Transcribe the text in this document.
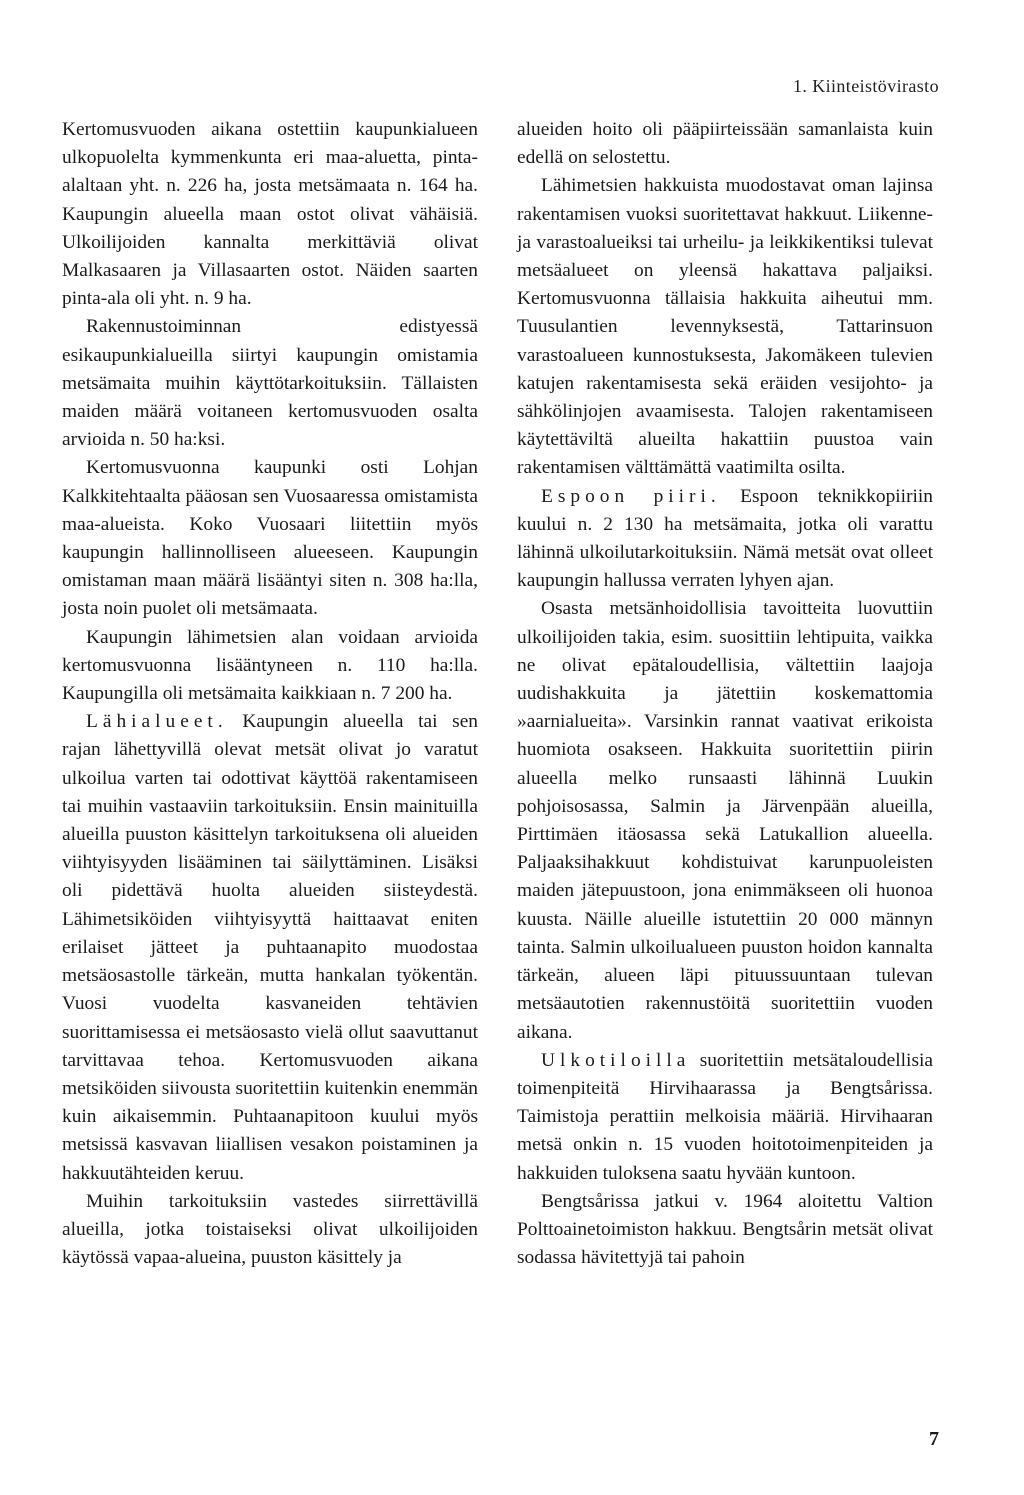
1. Kiinteistövirasto

Kertomusvuoden aikana ostettiin kaupunkialueen ulkopuolelta kymmenkunta eri maa-aluetta, pinta-alaltaan yht. n. 226 ha, josta metsämaata n. 164 ha. Kaupungin alueella maan ostot olivat vähäisiä. Ulkoilijoiden kannalta merkittäviä olivat Malkasaaren ja Villasaarten ostot. Näiden saarten pinta-ala oli yht. n. 9 ha.

Rakennustoiminnan edistyessä esikaupunkialueilla siirtyi kaupungin omistamia metsämaita muihin käyttötarkoituksiin. Tällaisten maiden määrä voitaneen kertomusvuoden osalta arvioida n. 50 ha:ksi.

Kertomusvuonna kaupunki osti Lohjan Kalkkitehtaalta pääosan sen Vuosaaressa omistamista maa-alueista. Koko Vuosaari liitettiin myös kaupungin hallinnolliseen alueeseen. Kaupungin omistaman maan määrä lisääntyi siten n. 308 ha:lla, josta noin puolet oli metsämaata.

Kaupungin lähimetsien alan voidaan arvioida kertomusvuonna lisääntyneen n. 110 ha:lla. Kaupungilla oli metsämaita kaikkiaan n. 7 200 ha.

Lähialueet. Kaupungin alueella tai sen rajan lähettyvillä olevat metsät olivat jo varatut ulkoilua varten tai odottivat käyttöä rakentamiseen tai muihin vastaaviin tarkoituksiin. Ensin mainituilla alueilla puuston käsittelyn tarkoituksena oli alueiden viihtyisyyden lisääminen tai säilyttäminen. Lisäksi oli pidettävä huolta alueiden siisteydestä. Lähimetsiköiden viihtyisyyttä haittaavat eniten erilaiset jätteet ja puhtaanapito muodostaa metsäosastolle tärkeän, mutta hankalan työkentän. Vuosi vuodelta kasvaneiden tehtävien suorittamisessa ei metsäosasto vielä ollut saavuttanut tarvittavaa tehoa. Kertomusvuoden aikana metsiköiden siivousta suoritettiin kuitenkin enemmän kuin aikaisemmin. Puhtaanapitoon kuului myös metsissä kasvavan liiallisen vesakon poistaminen ja hakkuutähteiden keruu.

Muihin tarkoituksiin vastedes siirrettävillä alueilla, jotka toistaiseksi olivat ulkoilijoiden käytössä vapaa-alueina, puuston käsittely ja

alueiden hoito oli pääpiirteissään samanlaista kuin edellä on selostettu.

Lähimetsien hakkuista muodostavat oman lajinsa rakentamisen vuoksi suoritettavat hakkuut. Liikenne- ja varastoalueiksi tai urheilu- ja leikkikentiksi tulevat metsäalueet on yleensä hakattava paljaiksi. Kertomusvuonna tällaisia hakkuita aiheutui mm. Tuusulantien levennyksestä, Tattarinsuon varastoalueen kunnostuksesta, Jakomäkeen tulevien katujen rakentamisesta sekä eräiden vesijohto- ja sähkölinjojen avaamisesta. Talojen rakentamiseen käytettäviltä alueilta hakattiin puustoa vain rakentamisen välttämättä vaatimilta osilta.

Espoon piiri. Espoon teknikkopiiriin kuului n. 2 130 ha metsämaita, jotka oli varattu lähinnä ulkoilutarkoituksiin. Nämä metsät ovat olleet kaupungin hallussa verraten lyhyen ajan.

Osasta metsänhoidollisia tavoitteita luovuttiin ulkoilijoiden takia, esim. suosittiin lehtipuita, vaikka ne olivat epätaloudellisia, vältettiin laajoja uudishakkuita ja jätettiin koskemattomia »aarnialueita». Varsinkin rannat vaativat erikoista huomiota osakseen. Hakkuita suoritettiin piirin alueella melko runsaasti lähinnä Luukin pohjoisosassa, Salmin ja Järvenpään alueilla, Pirttimäen itäosassa sekä Latukallion alueella. Paljaaksihakkuut kohdistuivat karunpuoleisten maiden jätepuustoon, jona enimmäkseen oli huonoa kuusta. Näille alueille istutettiin 20 000 männyn tainta. Salmin ulkoilualueen puuston hoidon kannalta tärkeän, alueen läpi pituussuuntaan tulevan metsäautotien rakennustöitä suoritettiin vuoden aikana.

Ulkotiloilla suoritettiin metsätaloudellisia toimenpiteitä Hirvihaarassa ja Bengtsårissa. Taimistoja perattiin melkoisia määriä. Hirvihaaran metsä onkin n. 15 vuoden hoitotoimenpiteiden ja hakkuiden tuloksena saatu hyvään kuntoon.

Bengtsårissa jatkui v. 1964 aloitettu Valtion Polttoainetoimiston hakkuu. Bengtsårin metsät olivat sodassa hävitettyjä tai pahoin

7
